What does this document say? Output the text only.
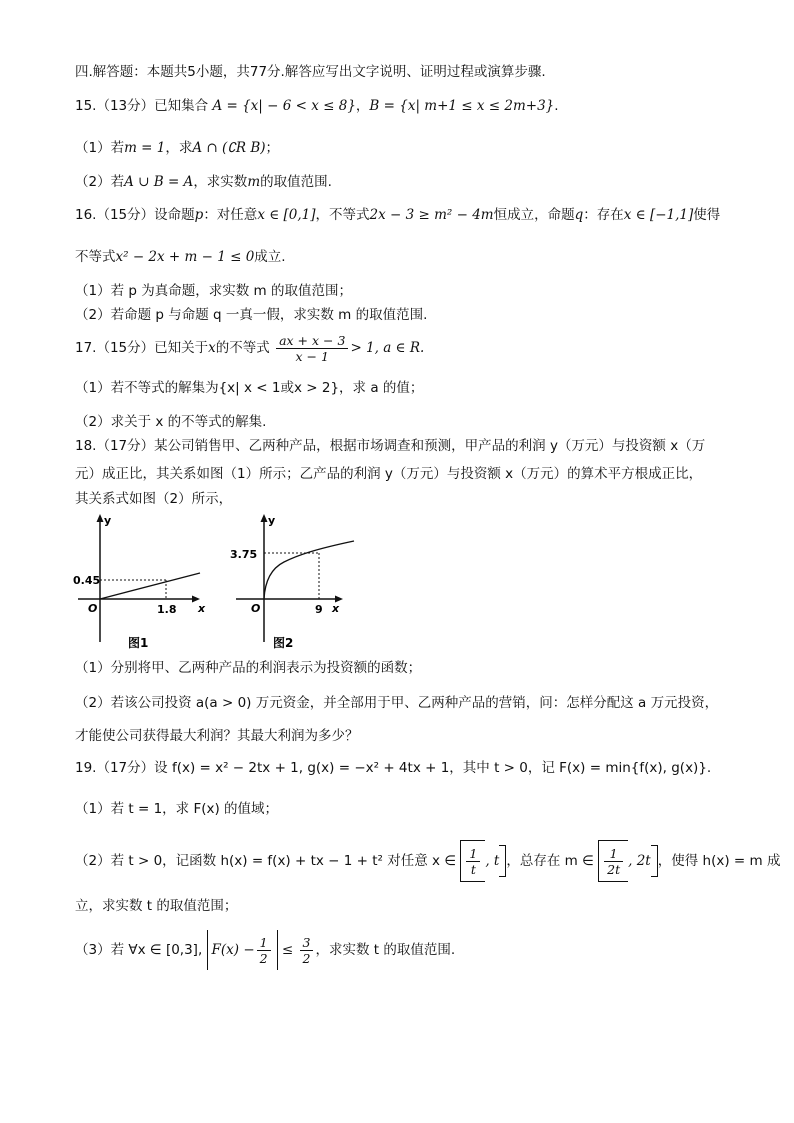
四.解答题：本题共5小题，共77分.解答应写出文字说明、证明过程或演算步骤.
15.（13分）已知集合 A = {x| − 6 < x ≤ 8}，B = {x| m+1 ≤ x ≤ 2m+3}.
（1）若m = 1，求A ∩ (∁R B)；
（2）若A ∪ B = A，求实数m的取值范围.
16.（15分）设命题p：对任意x ∈ [0,1]，不等式2x − 3 ≥ m² − 4m恒成立，命题q：存在x ∈ [−1,1]使得
不等式x² − 2x + m − 1 ≤ 0成立.
（1）若 p 为真命题，求实数 m 的取值范围；
（2）若命题 p 与命题 q 一真一假，求实数 m 的取值范围.
17.（15分）已知关于x的不等式 $\frac{ax + x - 3}{x - 1} > 1$, a ∈ R.
（1）若不等式的解集为{x| x < 1或x > 2}，求 a 的值；
（2）求关于 x 的不等式的解集.
18.（17分）某公司销售甲、乙两种产品，根据市场调查和预测，甲产品的利润 y（万元）与投资额 x（万
元）成正比，其关系如图（1）所示；乙产品的利润 y（万元）与投资额 x（万元）的算术平方根成正比，
其关系式如图（2）所示，
y
x
O
0.45
1.8
图1
y
x
O
3.75
9
图2
（1）分别将甲、乙两种产品的利润表示为投资额的函数；
（2）若该公司投资 a(a > 0) 万元资金，并全部用于甲、乙两种产品的营销，问：怎样分配这 a 万元投资，
才能使公司获得最大利润？其最大利润为多少？
19.（17分）设 f(x) = x² − 2tx + 1, g(x) = −x² + 4tx + 1，其中 t > 0，记 F(x) = min{f(x), g(x)}.
（1）若 t = 1，求 F(x) 的值域；
（2）若 t > 0，记函数 h(x) = f(x) + tx − 1 + t² 对任意 x ∈ $\frac{1}{t}$ , t ，总存在 m ∈ $\frac{1}{2t}$ , 2t ，使得 h(x) = m 成
立，求实数 t 的取值范围；
（3）若 ∀x ∈ [0,3], $F(x) - \frac{1}{2} \le \frac{3}{2}$ ，求实数 t 的取值范围.
